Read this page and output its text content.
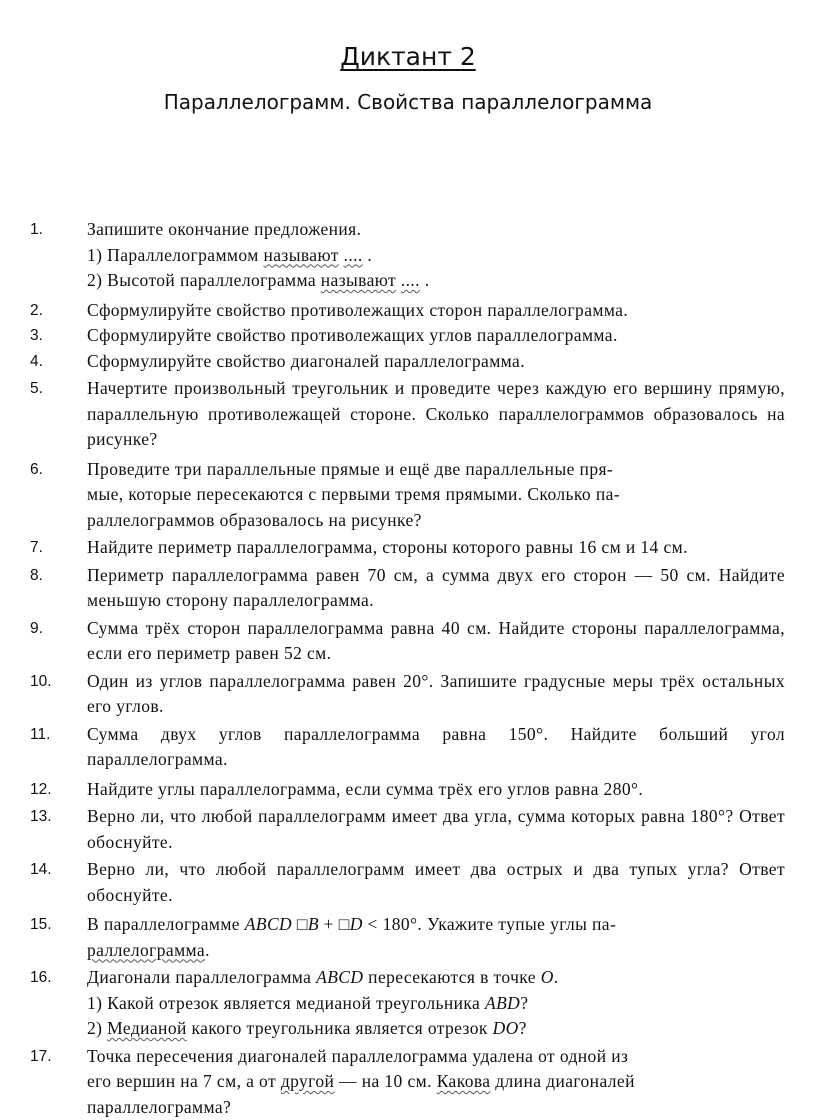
Диктант 2
Параллелограмм. Свойства параллелограмма
1.	Запишите окончание предложения.
1) Параллелограммом называют .... .
2) Высотой параллелограмма называют .... .
2.	Сформулируйте свойство противолежащих сторон параллелограмма.
3.	Сформулируйте свойство противолежащих углов параллелограмма.
4.	Сформулируйте свойство диагоналей параллелограмма.
5.	Начертите произвольный треугольник и проведите через каждую его вершину прямую, параллельную противолежащей стороне. Сколько параллелограммов образовалось на рисунке?
6.	Проведите три параллельные прямые и ещё две параллельные пря-
мые, которые пересекаются с первыми тремя прямыми. Сколько па-
раллелограммов образовалось на рисунке?
7.	Найдите периметр параллелограмма, стороны которого равны 16 см и 14 см.
8.	Периметр параллелограмма равен 70 см, а сумма двух его сторон — 50 см. Найдите меньшую сторону параллелограмма.
9.	Сумма трёх сторон параллелограмма равна 40 см. Найдите стороны параллелограмма, если его периметр равен 52 см.
10. Один из углов параллелограмма равен 20°. Запишите градусные меры трёх остальных его углов.
11. Сумма двух углов параллелограмма равна 150°. Найдите больший угол параллелограмма.
12. Найдите углы параллелограмма, если сумма трёх его углов равна 280°.
13. Верно ли, что любой параллелограмм имеет два угла, сумма которых равна 180°? Ответ обоснуйте.
14. Верно ли, что любой параллелограмм имеет два острых и два тупых угла? Ответ обоснуйте.
15. В параллелограмме ABCD □B + □D < 180°. Укажите тупые углы па-
раллелограмма.
16. Диагонали параллелограмма ABCD пересекаются в точке O.
1) Какой отрезок является медианой треугольника ABD?
2) Медианой какого треугольника является отрезок DO?
17. Точка пересечения диагоналей параллелограмма удалена от одной из
его вершин на 7 см, а от другой — на 10 см. Какова длина диагоналей
параллелограмма?
